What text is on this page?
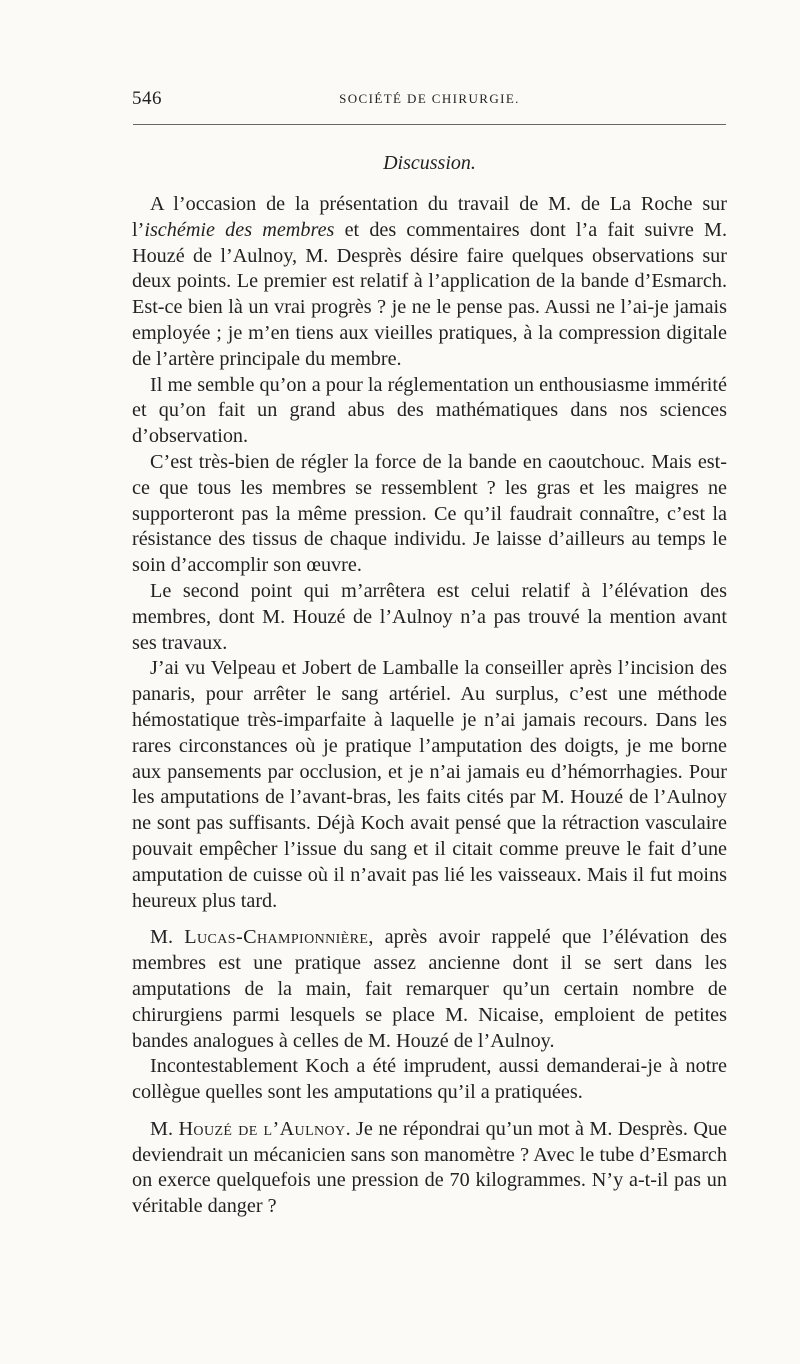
546	SOCIÉTÉ DE CHIRURGIE.
Discussion.

A l’occasion de la présentation du travail de M. de La Roche sur l’ischémie des membres et des commentaires dont l’a fait suivre M. Houzé de l’Aulnoy, M. Desprès désire faire quelques observations sur deux points. Le premier est relatif à l’application de la bande d’Esmarch. Est-ce bien là un vrai progrès ? je ne le pense pas. Aussi ne l’ai-je jamais employée ; je m’en tiens aux vieilles pratiques, à la compression digitale de l’artère principale du membre.

Il me semble qu’on a pour la réglementation un enthousiasme immérité et qu’on fait un grand abus des mathématiques dans nos sciences d’observation.

C’est très-bien de régler la force de la bande en caoutchouc. Mais est-ce que tous les membres se ressemblent ? les gras et les maigres ne supporteront pas la même pression. Ce qu’il faudrait connaître, c’est la résistance des tissus de chaque individu. Je laisse d’ailleurs au temps le soin d’accomplir son œuvre.

Le second point qui m’arrêtera est celui relatif à l’élévation des membres, dont M. Houzé de l’Aulnoy n’a pas trouvé la mention avant ses travaux.

J’ai vu Velpeau et Jobert de Lamballe la conseiller après l’incision des panaris, pour arrêter le sang artériel. Au surplus, c’est une méthode hémostatique très-imparfaite à laquelle je n’ai jamais recours. Dans les rares circonstances où je pratique l’amputation des doigts, je me borne aux pansements par occlusion, et je n’ai jamais eu d’hémorrhagies. Pour les amputations de l’avant-bras, les faits cités par M. Houzé de l’Aulnoy ne sont pas suffisants. Déjà Koch avait pensé que la rétraction vasculaire pouvait empêcher l’issue du sang et il citait comme preuve le fait d’une amputation de cuisse où il n’avait pas lié les vaisseaux. Mais il fut moins heureux plus tard.

M. Lucas-Championnière, après avoir rappelé que l’élévation des membres est une pratique assez ancienne dont il se sert dans les amputations de la main, fait remarquer qu’un certain nombre de chirurgiens parmi lesquels se place M. Nicaise, emploient de petites bandes analogues à celles de M. Houzé de l’Aulnoy.

Incontestablement Koch a été imprudent, aussi demanderai-je à notre collègue quelles sont les amputations qu’il a pratiquées.

M. Houzé de l’Aulnoy. Je ne répondrai qu’un mot à M. Desprès. Que deviendrait un mécanicien sans son manomètre ? Avec le tube d’Esmarch on exerce quelquefois une pression de 70 kilogrammes. N’y a-t-il pas un véritable danger ?
